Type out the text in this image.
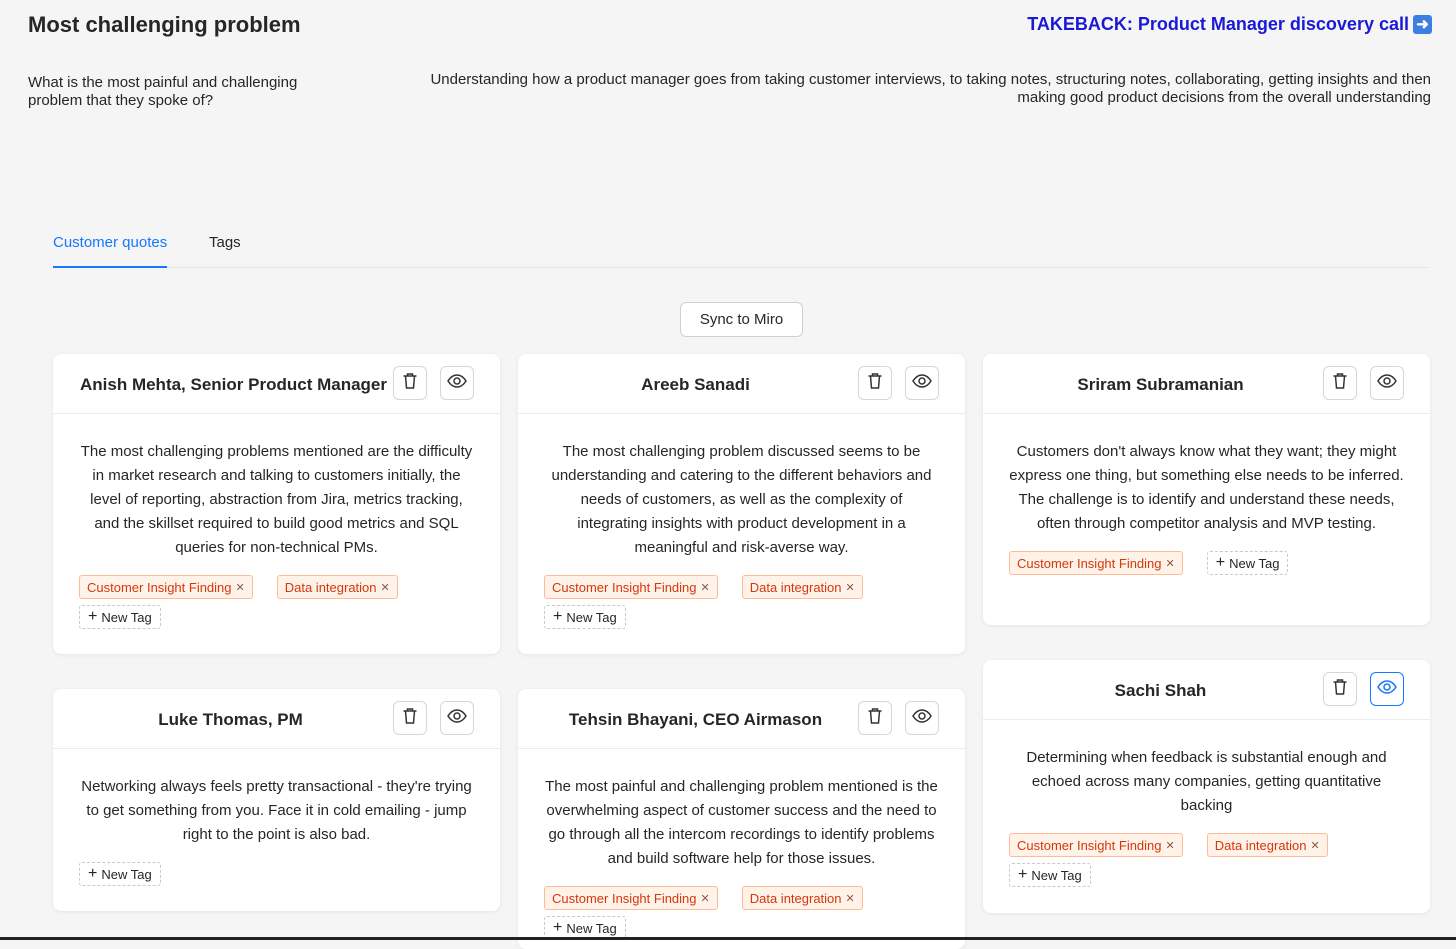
Most challenging problem	TAKEBACK: Product Manager discovery call ➜
What is the most painful and challenging problem that they spoke of?
Understanding how a product manager goes from taking customer interviews, to taking notes, structuring notes, collaborating, getting insights and then making good product decisions from the overall understanding
Customer quotes	Tags
Sync to Miro
Anish Mehta, Senior Product Manager

The most challenging problems mentioned are the difficulty in market research and talking to customers initially, the level of reporting, abstraction from Jira, metrics tracking, and the skillset required to build good metrics and SQL queries for non-technical PMs.

Customer Insight Finding ✕	Data integration ✕
+ New Tag
Areeb Sanadi

The most challenging problem discussed seems to be understanding and catering to the different behaviors and needs of customers, as well as the complexity of integrating insights with product development in a meaningful and risk-averse way.

Customer Insight Finding ✕	Data integration ✕
+ New Tag
Sriram Subramanian

Customers don't always know what they want; they might express one thing, but something else needs to be inferred. The challenge is to identify and understand these needs, often through competitor analysis and MVP testing.

Customer Insight Finding ✕	+ New Tag
Luke Thomas, PM

Networking always feels pretty transactional - they're trying to get something from you. Face it in cold emailing - jump right to the point is also bad.

+ New Tag
Tehsin Bhayani, CEO Airmason

The most painful and challenging problem mentioned is the overwhelming aspect of customer success and the need to go through all the intercom recordings to identify problems and build software help for those issues.

Customer Insight Finding ✕	Data integration ✕
+ New Tag
Sachi Shah

Determining when feedback is substantial enough and echoed across many companies, getting quantitative backing

Customer Insight Finding ✕	Data integration ✕
+ New Tag
